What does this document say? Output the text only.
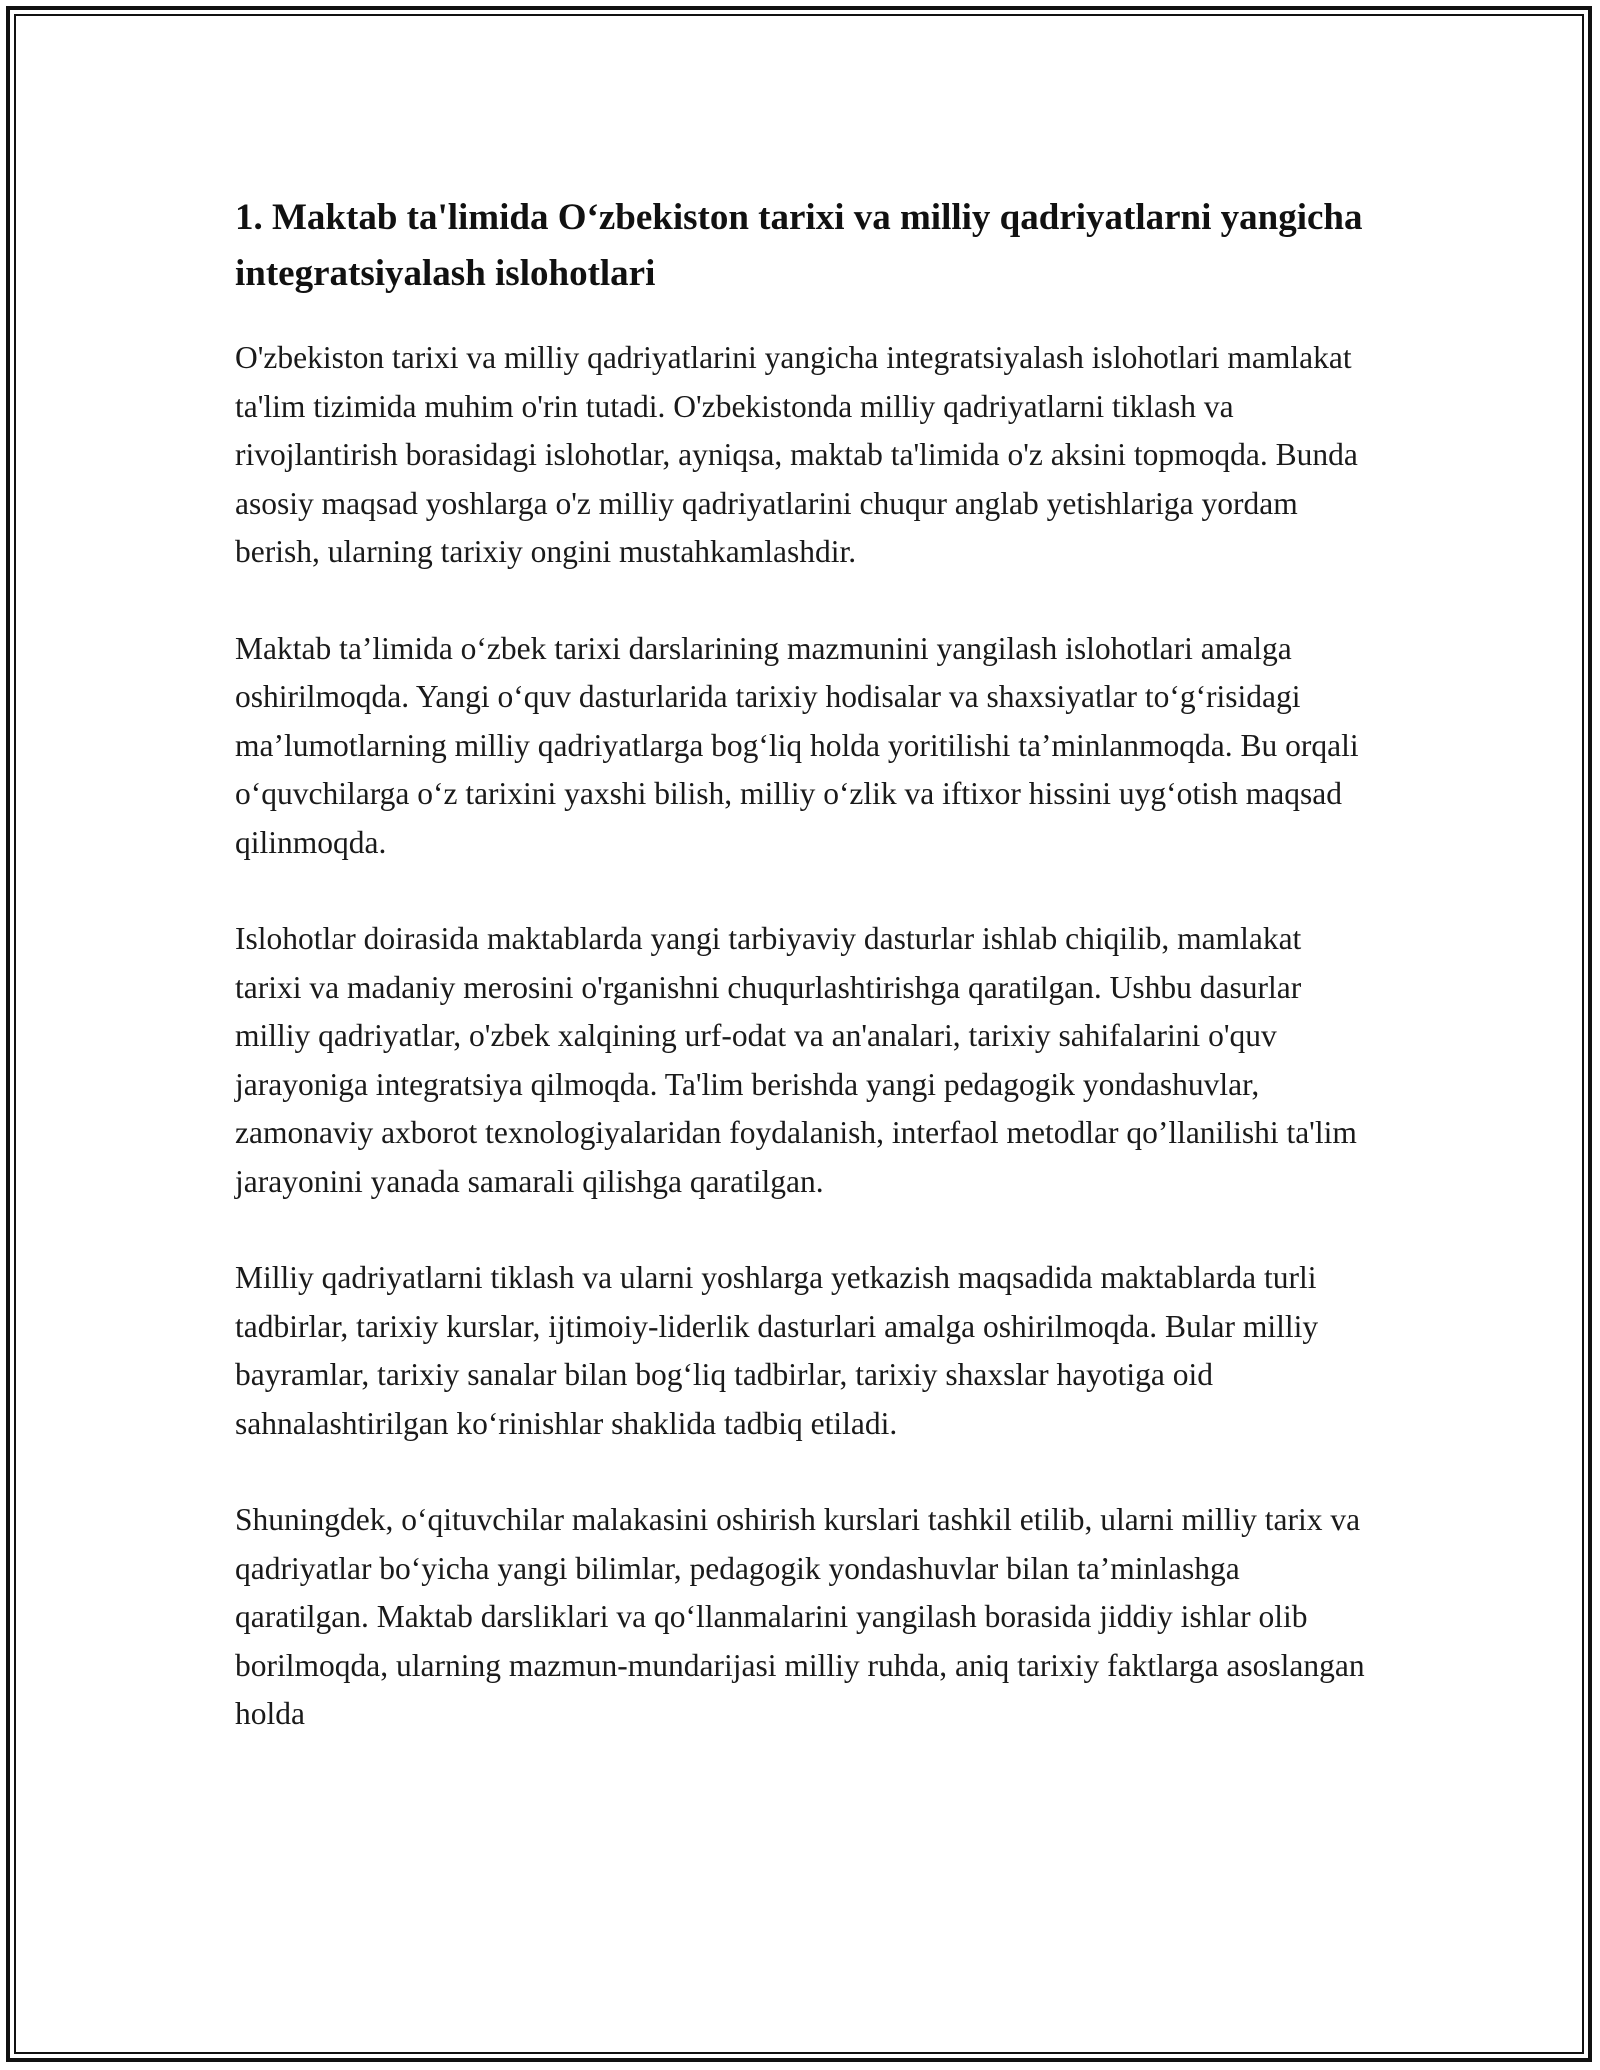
1. Maktab ta'limida O‘zbekiston tarixi va milliy qadriyatlarni yangicha integratsiyalash islohotlari

O'zbekiston tarixi va milliy qadriyatlarini yangicha integratsiyalash islohotlari mamlakat ta'lim tizimida muhim o'rin tutadi. O'zbekistonda milliy qadriyatlarni tiklash va rivojlantirish borasidagi islohotlar, ayniqsa, maktab ta'limida o'z aksini topmoqda. Bunda asosiy maqsad yoshlarga o'z milliy qadriyatlarini chuqur anglab yetishlariga yordam berish, ularning tarixiy ongini mustahkamlashdir.

Maktab ta’limida o‘zbek tarixi darslarining mazmunini yangilash islohotlari amalga oshirilmoqda. Yangi o‘quv dasturlarida tarixiy hodisalar va shaxsiyatlar to‘g‘risidagi ma’lumotlarning milliy qadriyatlarga bog‘liq holda yoritilishi ta’minlanmoqda. Bu orqali o‘quvchilarga o‘z tarixini yaxshi bilish, milliy o‘zlik va iftixor hissini uyg‘otish maqsad qilinmoqda.

Islohotlar doirasida maktablarda yangi tarbiyaviy dasturlar ishlab chiqilib, mamlakat tarixi va madaniy merosini o'rganishni chuqurlashtirishga qaratilgan. Ushbu dasurlar milliy qadriyatlar, o'zbek xalqining urf-odat va an'analari, tarixiy sahifalarini o'quv jarayoniga integratsiya qilmoqda. Ta'lim berishda yangi pedagogik yondashuvlar, zamonaviy axborot texnologiyalaridan foydalanish, interfaol metodlar qo’llanilishi ta'lim jarayonini yanada samarali qilishga qaratilgan.

Milliy qadriyatlarni tiklash va ularni yoshlarga yetkazish maqsadida maktablarda turli tadbirlar, tarixiy kurslar, ijtimoiy-liderlik dasturlari amalga oshirilmoqda. Bular milliy bayramlar, tarixiy sanalar bilan bog‘liq tadbirlar, tarixiy shaxslar hayotiga oid sahnalashtirilgan ko‘rinishlar shaklida tadbiq etiladi.

Shuningdek, o‘qituvchilar malakasini oshirish kurslari tashkil etilib, ularni milliy tarix va qadriyatlar bo‘yicha yangi bilimlar, pedagogik yondashuvlar bilan ta’minlashga qaratilgan. Maktab darsliklari va qo‘llanmalarini yangilash borasida jiddiy ishlar olib borilmoqda, ularning mazmun-mundarijasi milliy ruhda, aniq tarixiy faktlarga asoslangan holda
